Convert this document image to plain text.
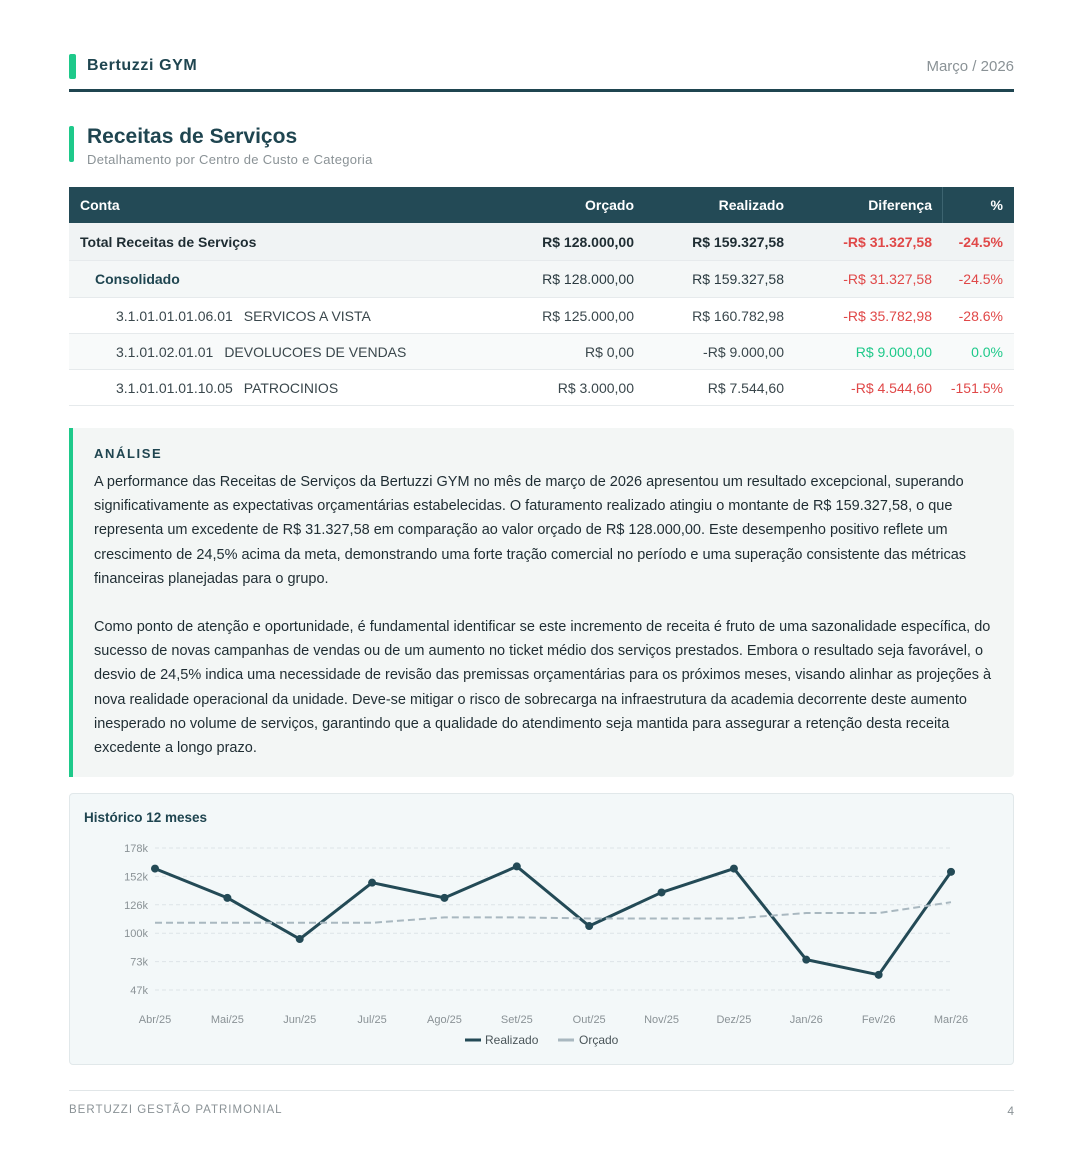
Bertuzzi GYM	Março / 2026
Receitas de Serviços
Detalhamento por Centro de Custo e Categoria
Conta	Orçado	Realizado	Diferença	%
Total Receitas de Serviços	R$ 128.000,00	R$ 159.327,58	-R$ 31.327,58 -24.5%
Consolidado	R$ 128.000,00	R$ 159.327,58	-R$ 31.327,58 -24.5%
3.1.01.01.01.06.01 SERVICOS A VISTA	R$ 125.000,00	R$ 160.782,98	-R$ 35.782,98 -28.6%
3.1.01.02.01.01 DEVOLUCOES DE VENDAS	R$ 0,00	-R$ 9.000,00	R$ 9.000,00	0.0%
3.1.01.01.01.10.05 PATROCINIOS	R$ 3.000,00	R$ 7.544,60	-R$ 4.544,60 -151.5%
ANÁLISE

A performance das Receitas de Serviços da Bertuzzi GYM no mês de março de 2026 apresentou um resultado excepcional, superando significativamente as expectativas orçamentárias estabelecidas. O faturamento realizado atingiu o montante de R$ 159.327,58, o que representa um excedente de R$ 31.327,58 em comparação ao valor orçado de R$ 128.000,00. Este desempenho positivo reflete um crescimento de 24,5% acima da meta, demonstrando uma forte tração comercial no período e uma superação consistente das métricas financeiras planejadas para o grupo.

Como ponto de atenção e oportunidade, é fundamental identificar se este incremento de receita é fruto de uma sazonalidade específica, do sucesso de novas campanhas de vendas ou de um aumento no ticket médio dos serviços prestados. Embora o resultado seja favorável, o desvio de 24,5% indica uma necessidade de revisão das premissas orçamentárias para os próximos meses, visando alinhar as projeções à nova realidade operacional da unidade. Deve-se mitigar o risco de sobrecarga na infraestrutura da academia decorrente deste aumento inesperado no volume de serviços, garantindo que a qualidade do atendimento seja mantida para assegurar a retenção desta receita excedente a longo prazo.

Histórico 12 meses
178k
152k
126k
100k
73k
47k
Abr/25	Mai/25	Jun/25	Jul/25	Ago/25	Set/25	Out/25	Nov/25	Dez/25	Jan/26	Fev/26	Mar/26
Realizado	Orçado
BERTUZZI GESTÃO PATRIMONIAL	4
